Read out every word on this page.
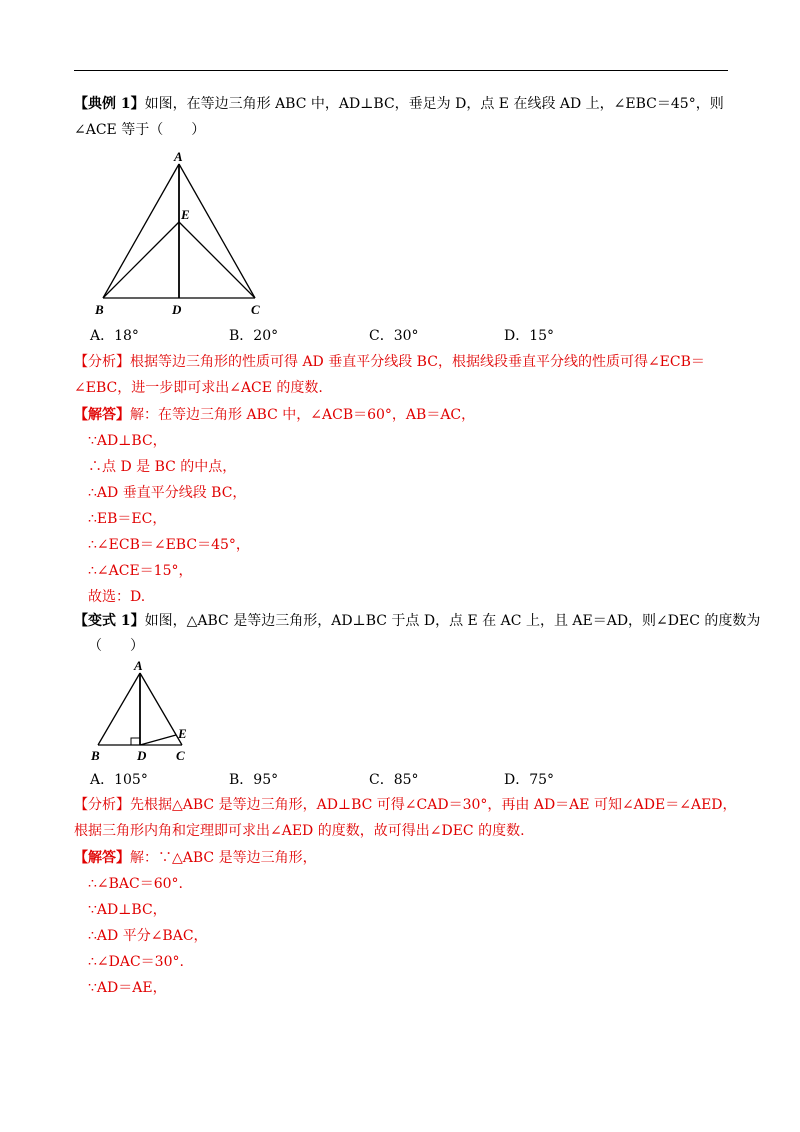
【典例 1】如图，在等边三角形 ABC 中，AD⊥BC，垂足为 D，点 E 在线段 AD 上，∠EBC＝45°，则
∠ACE 等于（　　）
A
E
B	D	C
A．18°	B．20°	C．30°	D．15°
【分析】根据等边三角形的性质可得 AD 垂直平分线段 BC，根据线段垂直平分线的性质可得∠ECB＝
∠EBC，进一步即可求出∠ACE 的度数.
【解答】解：在等边三角形 ABC 中，∠ACB＝60°，AB＝AC，
∵AD⊥BC，
∴点 D 是 BC 的中点，
∴AD 垂直平分线段 BC，
∴EB＝EC，
∴∠ECB＝∠EBC＝45°，
∴∠ACE＝15°，
故选：D.
【变式 1】如图，△ABC 是等边三角形，AD⊥BC 于点 D，点 E 在 AC 上，且 AE＝AD，则∠DEC 的度数为
（　　）
A
E
B	D C
A．105°	B．95°	C．85°	D．75°
【分析】先根据△ABC 是等边三角形，AD⊥BC 可得∠CAD＝30°，再由 AD＝AE 可知∠ADE＝∠AED，
根据三角形内角和定理即可求出∠AED 的度数，故可得出∠DEC 的度数.
【解答】解：∵△ABC 是等边三角形，
∴∠BAC＝60°.
∵AD⊥BC，
∴AD 平分∠BAC，
∴∠DAC＝30°.
∵AD＝AE，
